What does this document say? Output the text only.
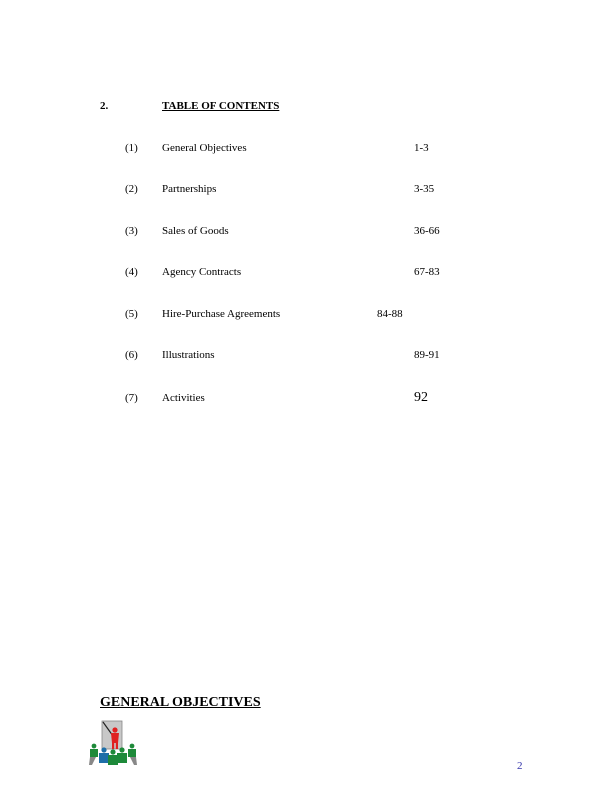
2.	TABLE OF CONTENTS
(1) General Objectives	1-3
(2) Partnerships	3-35
(3) Sales of Goods	36-66
(4) Agency Contracts	67-83
(5) Hire-Purchase Agreements	84-88
(6) Illustrations	89-91
(7) Activities	92
GENERAL OBJECTIVES
2
